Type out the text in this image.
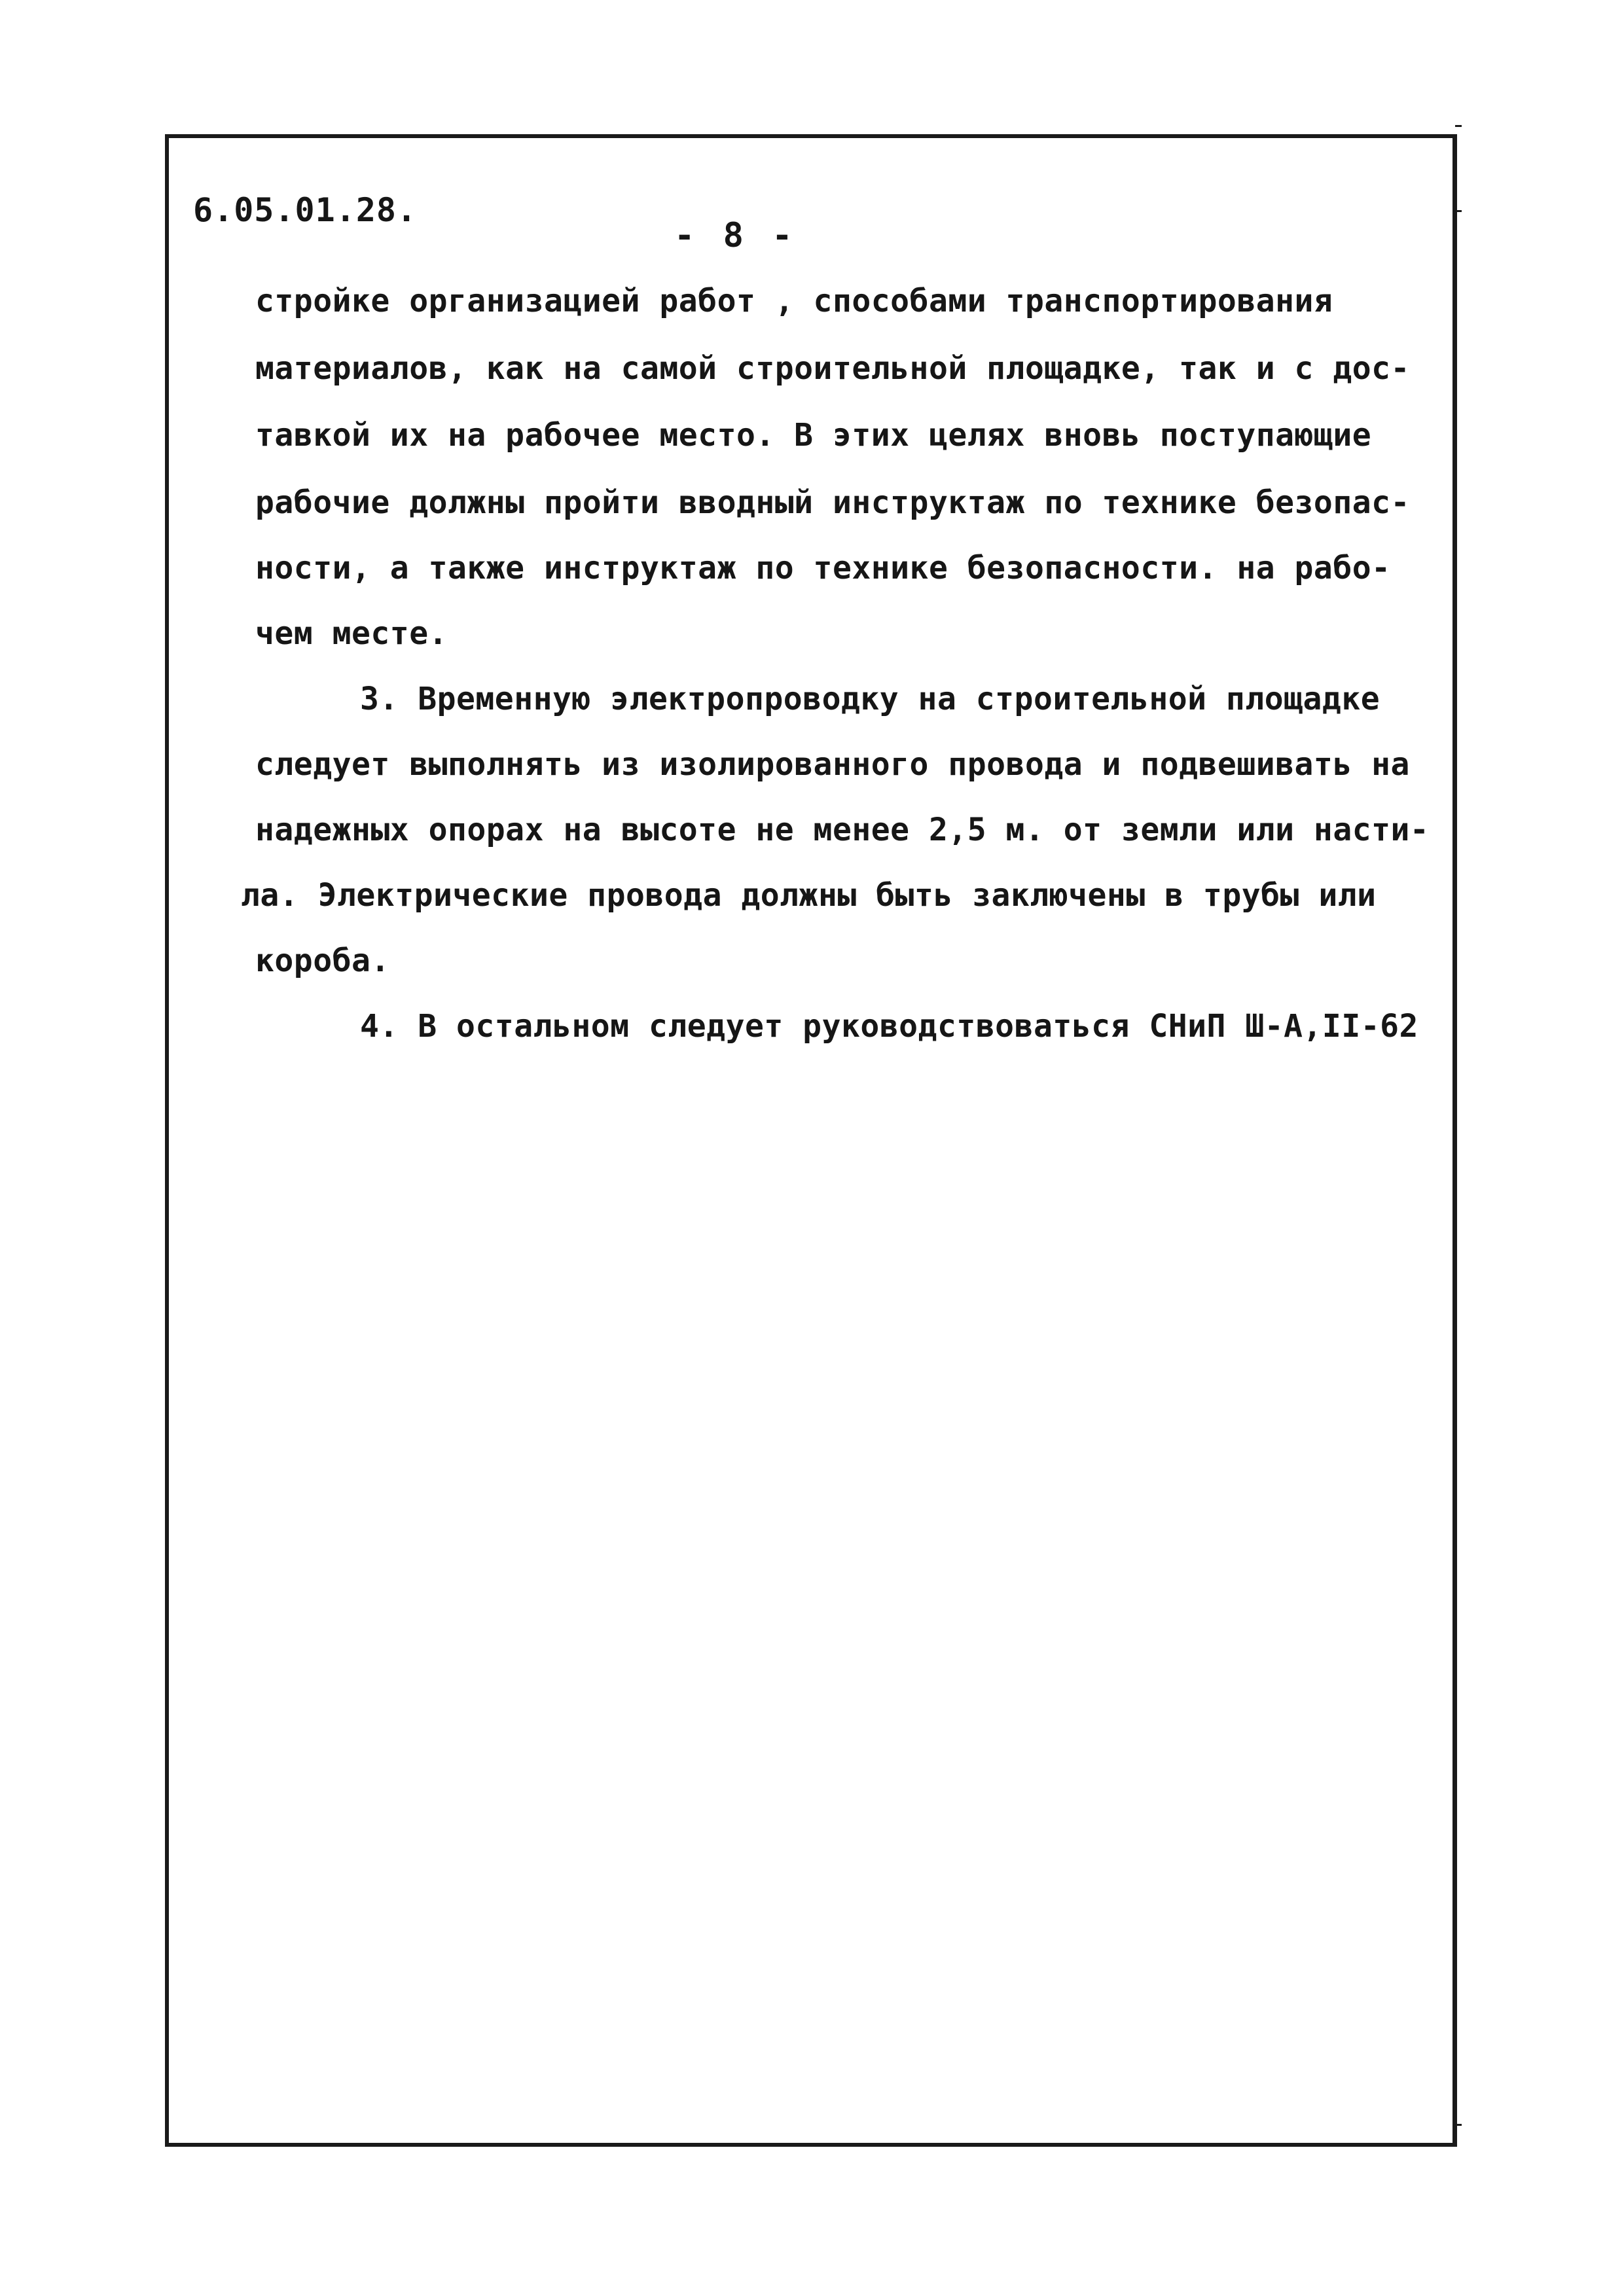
6.05.01.28.
- 8 -
стройке организацией работ , способами транспортирования
материалов, как на самой строительной площадке, так и с дос-
тавкой их на рабочее место. В этих целях вновь поступающие
рабочие должны пройти вводный инструктаж по технике безопас-
ности, а также инструктаж по технике безопасности. на рабо-
чем месте.
3. Временную электропроводку на строительной площадке
следует выполнять из изолированного провода и подвешивать на
надежных опорах на высоте не менее 2,5 м. от земли или насти-
ла. Электрические провода должны быть заключены в трубы или
короба.
4. В остальном следует руководствоваться СНиП Ш-А,II-62
